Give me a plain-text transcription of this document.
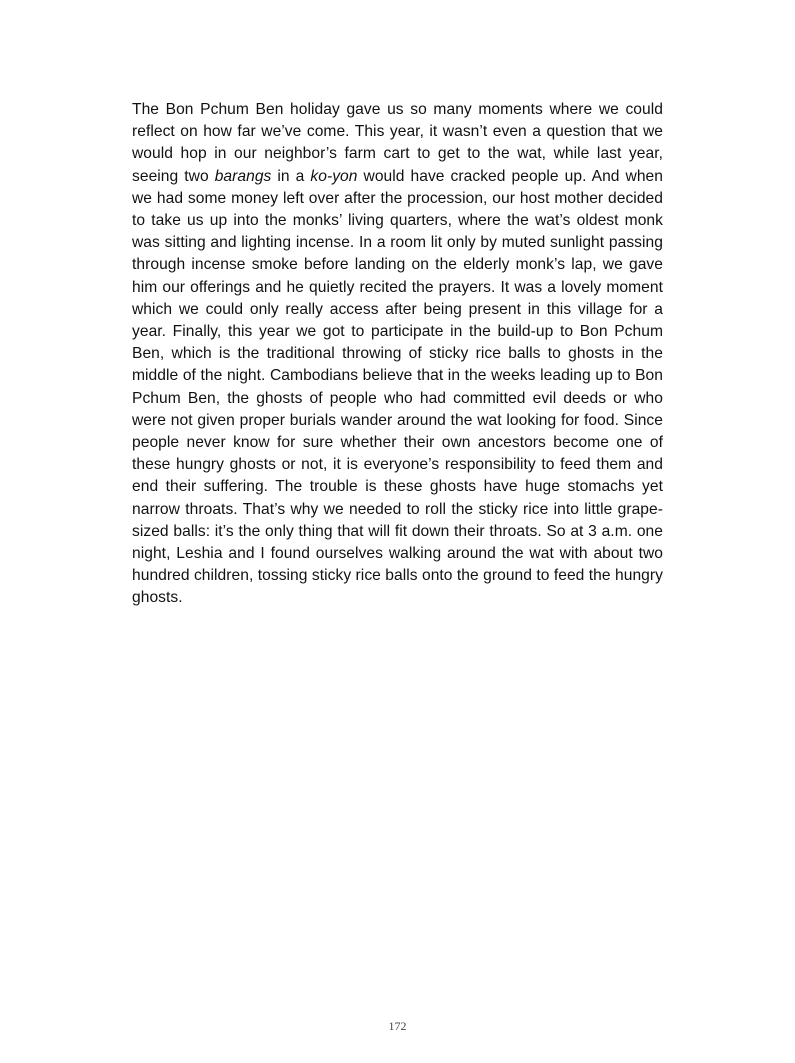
The Bon Pchum Ben holiday gave us so many moments where we could reflect on how far we’ve come. This year, it wasn’t even a question that we would hop in our neighbor’s farm cart to get to the wat, while last year, seeing two barangs in a ko-yon would have cracked people up. And when we had some money left over after the procession, our host mother decided to take us up into the monks’ living quarters, where the wat’s oldest monk was sitting and lighting incense. In a room lit only by muted sunlight passing through incense smoke before landing on the elderly monk’s lap, we gave him our offerings and he quietly recited the prayers. It was a lovely moment which we could only really access after being present in this village for a year. Finally, this year we got to participate in the build-up to Bon Pchum Ben, which is the traditional throwing of sticky rice balls to ghosts in the middle of the night. Cambodians believe that in the weeks leading up to Bon Pchum Ben, the ghosts of people who had committed evil deeds or who were not given proper burials wander around the wat looking for food. Since people never know for sure whether their own ancestors become one of these hungry ghosts or not, it is everyone’s responsibility to feed them and end their suffering. The trouble is these ghosts have huge stomachs yet narrow throats. That’s why we needed to roll the sticky rice into little grape-sized balls: it’s the only thing that will fit down their throats. So at 3 a.m. one night, Leshia and I found ourselves walking around the wat with about two hundred children, tossing sticky rice balls onto the ground to feed the hungry ghosts.

172
